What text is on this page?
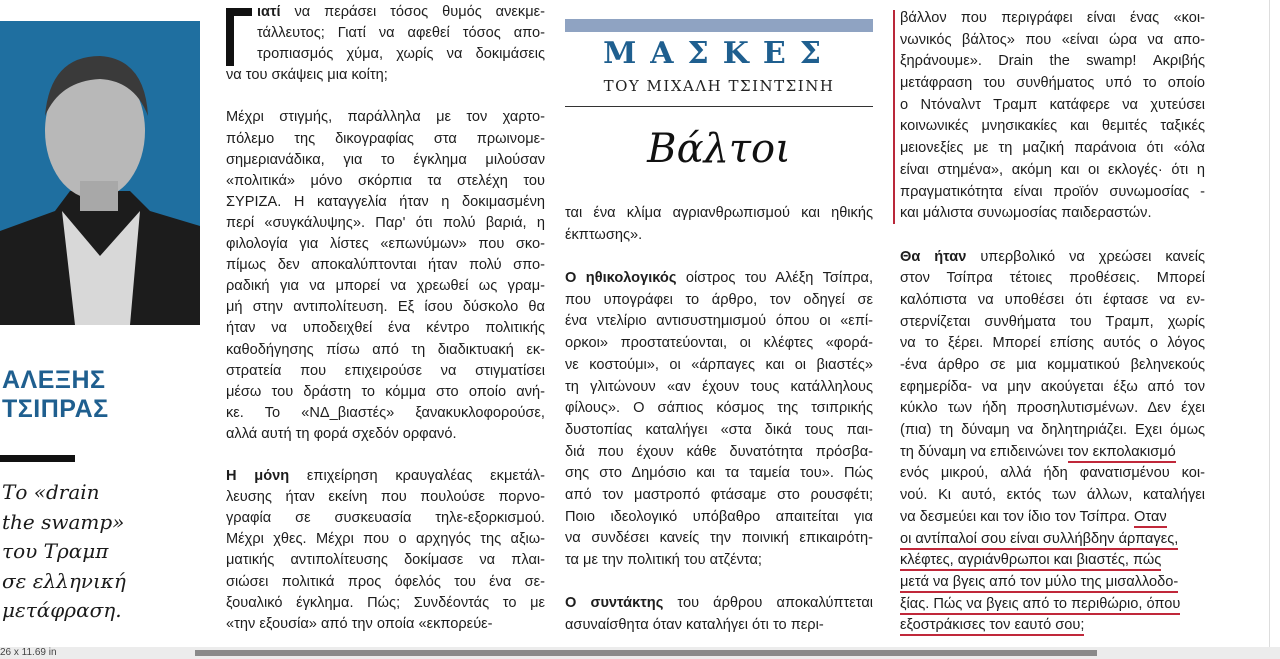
ΑΛΕΞΗΣ
ΤΣΙΠΡΑΣ
Το «drain
the swamp»
του Τραμπ
σε ελληνική
μετάφραση.
ιατί να περάσει τόσος θυμός ανεκμε-
τάλλευτος; Γιατί να αφεθεί τόσος απο-
τροπιασμός χύμα, χωρίς να δοκιμάσεις
να του σκάψεις μια κοίτη;
Μέχρι στιγμής, παράλληλα με τον χαρτο-
πόλεμο της δικογραφίας στα πρωινομε-
σημεριανάδικα, για το έγκλημα μιλούσαν
«πολιτικά» μόνο σκόρπια τα στελέχη του
ΣΥΡΙΖΑ. Η καταγγελία ήταν η δοκιμασμένη
περί «συγκάλυψης». Παρ' ότι πολύ βαριά, η
φιλολογία για λίστες «επωνύμων» που σκο-
πίμως δεν αποκαλύπτονται ήταν πολύ σπο-
ραδική για να μπορεί να χρεωθεί ως γραμ-
μή στην αντιπολίτευση. Εξ ίσου δύσκολο θα
ήταν να υποδειχθεί ένα κέντρο πολιτικής
καθοδήγησης πίσω από τη διαδικτυακή εκ-
στρατεία που επιχειρούσε να στιγματίσει
μέσω του δράστη το κόμμα στο οποίο ανή-
κε. Το «ΝΔ_βιαστές» ξανακυκλοφορούσε,
αλλά αυτή τη φορά σχεδόν ορφανό.
Η μόνη επιχείρηση κραυγαλέας εκμετάλ-
λευσης ήταν εκείνη που πουλούσε πορνο-
γραφία σε συσκευασία τηλε-εξορκισμού.
Μέχρι χθες. Μέχρι που ο αρχηγός της αξιω-
ματικής αντιπολίτευσης δοκίμασε να πλαι-
σιώσει πολιτικά προς όφελός του ένα σε-
ξουαλικό έγκλημα. Πώς; Συνδέοντάς το με
«την εξουσία» από την οποία «εκπορεύε-
ΜΑΣΚΕΣ
ΤΟΥ ΜΙΧΑΛΗ ΤΣΙΝΤΣΙΝΗ
Βάλτοι
ται ένα κλίμα αγριανθρωπισμού και ηθικής
έκπτωσης».
Ο ηθικολογικός οίστρος του Αλέξη Τσίπρα,
που υπογράφει το άρθρο, τον οδηγεί σε
ένα ντελίριο αντισυστημισμού όπου οι «επί-
ορκοι» προστατεύονται, οι κλέφτες «φορά-
νε κοστούμι», οι «άρπαγες και οι βιαστές»
τη γλιτώνουν «αν έχουν τους κατάλληλους
φίλους». Ο σάπιος κόσμος της τσιπρικής
δυστοπίας καταλήγει «στα δικά τους παι-
διά που έχουν κάθε δυνατότητα πρόσβα-
σης στο Δημόσιο και τα ταμεία του». Πώς
από τον μαστροπό φτάσαμε στο ρουσφέτι;
Ποιο ιδεολογικό υπόβαθρο απαιτείται για
να συνδέσει κανείς την ποινική επικαιρότη-
τα με την πολιτική του ατζέντα;
Ο συντάκτης του άρθρου αποκαλύπτεται
ασυναίσθητα όταν καταλήγει ότι το περι-
βάλλον που περιγράφει είναι ένας «κοι-
νωνικός βάλτος» που «είναι ώρα να απο-
ξηράνουμε». Drain the swamp! Ακριβής
μετάφραση του συνθήματος υπό το οποίο
ο Ντόναλντ Τραμπ κατάφερε να χυτεύσει
κοινωνικές μνησικακίες και θεμιτές ταξικές
μειονεξίες με τη μαζική παράνοια ότι «όλα
είναι στημένα», ακόμη και οι εκλογές· ότι η
πραγματικότητα είναι προϊόν συνωμοσίας -
και μάλιστα συνωμοσίας παιδεραστών.
Θα ήταν υπερβολικό να χρεώσει κανείς
στον Τσίπρα τέτοιες προθέσεις. Μπορεί
καλόπιστα να υποθέσει ότι έφτασε να εν-
στερνίζεται συνθήματα του Τραμπ, χωρίς
να το ξέρει. Μπορεί επίσης αυτός ο λόγος
-ένα άρθρο σε μια κομματικού βεληνεκούς
εφημερίδα- να μην ακούγεται έξω από τον
κύκλο των ήδη προσηλυτισμένων. Δεν έχει
(πια) τη δύναμη να δηλητηριάζει. Εχει όμως
τη δύναμη να επιδεινώνει τον εκπολακισμό
ενός μικρού, αλλά ήδη φανατισμένου κοι-
νού. Κι αυτό, εκτός των άλλων, καταλήγει
να δεσμεύει και τον ίδιο τον Τσίπρα. Οταν
οι αντίπαλοί σου είναι συλλήβδην άρπαγες,
κλέφτες, αγριάνθρωποι και βιαστές, πώς
μετά να βγεις από τον μύλο της μισαλλοδο-
ξίας. Πώς να βγεις από το περιθώριο, όπου
εξοστράκισες τον εαυτό σου;
26 x 11.69 in
